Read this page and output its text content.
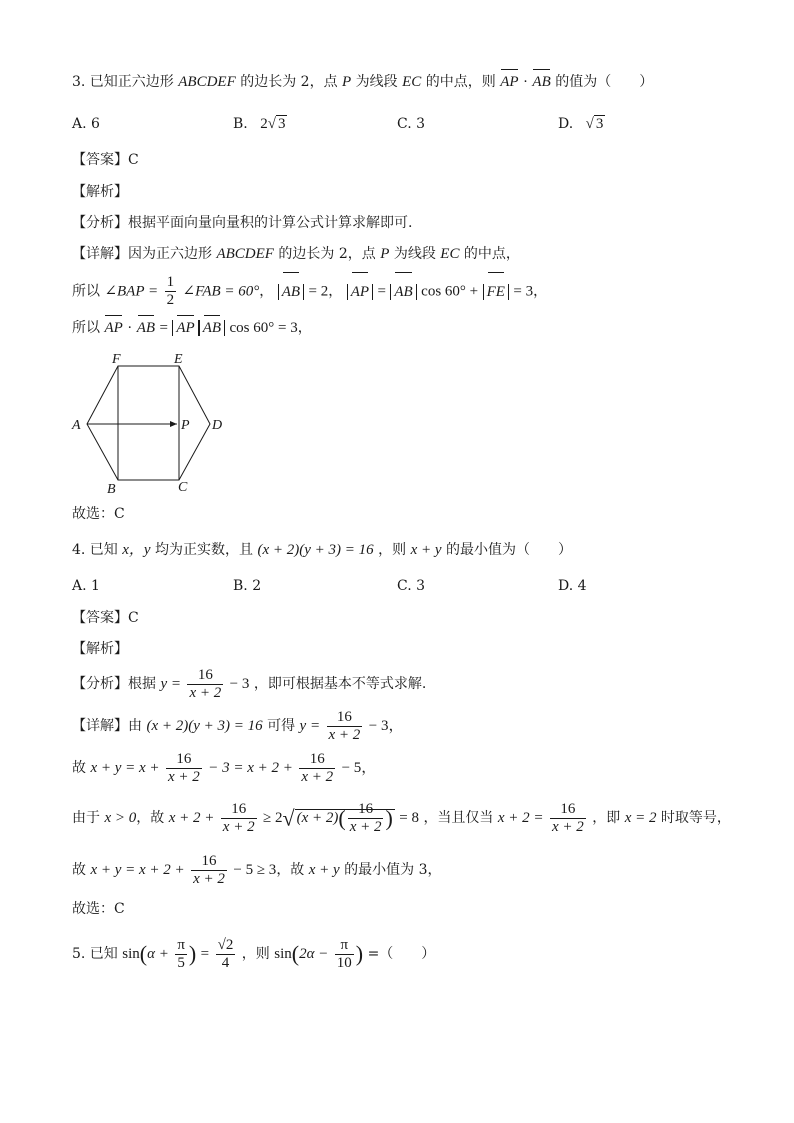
3. 已知正六边形 ABCDEF 的边长为 2，点 P 为线段 EC 的中点，则 AP · AB 的值为（　　）
A. 6	B. 2√ 3	C. 3	D. √ 3
【答案】C
【解析】
【分析】根据平面向量向量积的计算公式计算求解即可.
【详解】因为正六边形 ABCDEF 的边长为 2，点 P 为线段 EC 的中点，
所以 ∠BAP = $\frac{1}{2}$ ∠FAB = 60°， AB = 2， AP = AB cos 60° + FE = 3，
所以 AP · AB = AP AB cos 60° = 3，
A
F	E
D
B	C
P
故选：C
4. 已知 x，y 均为正实数，且 (x + 2)(y + 3) = 16 ，则 x + y 的最小值为（　　）
A. 1	B. 2	C. 3	D. 4
【答案】C
【解析】
【分析】根据 $y = \frac{16}{x + 2} - 3$ ，即可根据基本不等式求解.
【详解】由 (x + 2)(y + 3) = 16 可得 $y = \frac{16}{x + 2} - 3$，
故 $x + y = x + \frac{16}{x + 2} - 3 = x + 2 + \frac{16}{x + 2} - 5$，
由于 x > 0，故 $x + 2 + \frac{16}{x + 2} \ge 2√$ $(x + 2)( \frac{16}{x + 2}$ ) = 8 ，当且仅当 $x + 2 = \frac{16}{x + 2}$ ，即 x = 2 时取等号，
故 $x + y = x + 2 + \frac{16}{x + 2} - 5 \ge 3$，故 x + y 的最小值为 3，
故选：C
5. 已知 $\sin(\alpha + \frac{\pi}{5}$ ) = $\frac{√2}{4}$ ，则 $\sin(2\alpha - \frac{\pi}{10}$ ) =（　　）
